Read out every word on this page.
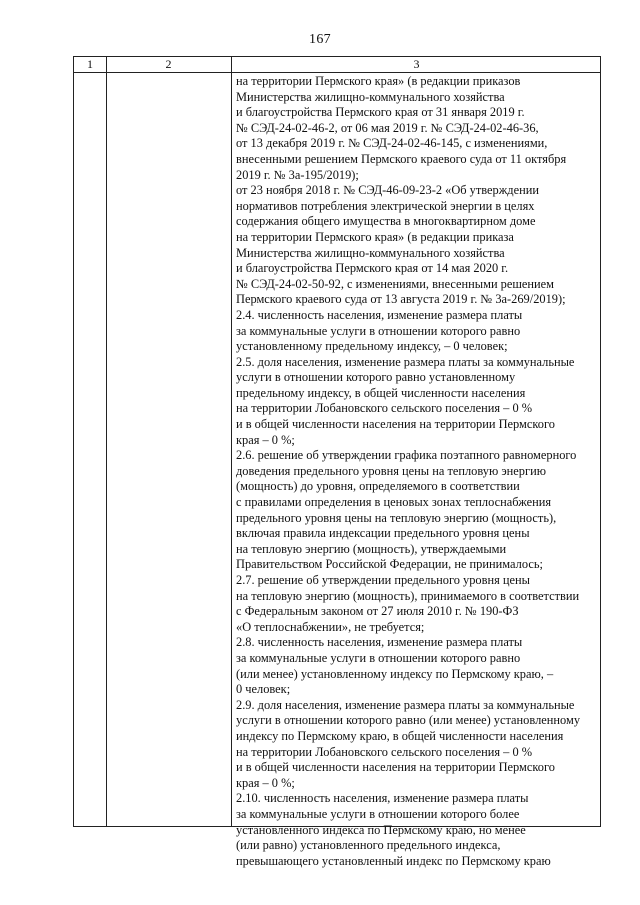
167
1	2	3
на территории Пермского края» (в редакции приказов
Министерства жилищно-коммунального хозяйства
и благоустройства Пермского края от 31 января 2019 г.
№ СЭД-24-02-46-2, от 06 мая 2019 г. № СЭД-24-02-46-36,
от 13 декабря 2019 г. № СЭД-24-02-46-145, с изменениями,
внесенными решением Пермского краевого суда от 11 октября
2019 г. № 3а-195/2019);
от 23 ноября 2018 г. № СЭД-46-09-23-2 «Об утверждении
нормативов потребления электрической энергии в целях
содержания общего имущества в многоквартирном доме
на территории Пермского края» (в редакции приказа
Министерства жилищно-коммунального хозяйства
и благоустройства Пермского края от 14 мая 2020 г.
№ СЭД-24-02-50-92, с изменениями, внесенными решением
Пермского краевого суда от 13 августа 2019 г. № 3а-269/2019);
2.4. численность населения, изменение размера платы
за коммунальные услуги в отношении которого равно
установленному предельному индексу, – 0 человек;
2.5. доля населения, изменение размера платы за коммунальные
услуги в отношении которого равно установленному
предельному индексу, в общей численности населения
на территории Лобановского сельского поселения – 0 %
и в общей численности населения на территории Пермского
края – 0 %;
2.6. решение об утверждении графика поэтапного равномерного
доведения предельного уровня цены на тепловую энергию
(мощность) до уровня, определяемого в соответствии
с правилами определения в ценовых зонах теплоснабжения
предельного уровня цены на тепловую энергию (мощность),
включая правила индексации предельного уровня цены
на тепловую энергию (мощность), утверждаемыми
Правительством Российской Федерации, не принималось;
2.7. решение об утверждении предельного уровня цены
на тепловую энергию (мощность), принимаемого в соответствии
с Федеральным законом от 27 июля 2010 г. № 190-ФЗ
«О теплоснабжении», не требуется;
2.8. численность населения, изменение размера платы
за коммунальные услуги в отношении которого равно
(или менее) установленному индексу по Пермскому краю, –
0 человек;
2.9. доля населения, изменение размера платы за коммунальные
услуги в отношении которого равно (или менее) установленному
индексу по Пермскому краю, в общей численности населения
на территории Лобановского сельского поселения – 0 %
и в общей численности населения на территории Пермского
края – 0 %;
2.10. численность населения, изменение размера платы
за коммунальные услуги в отношении которого более
установленного индекса по Пермскому краю, но менее
(или равно) установленного предельного индекса,
превышающего установленный индекс по Пермскому краю
